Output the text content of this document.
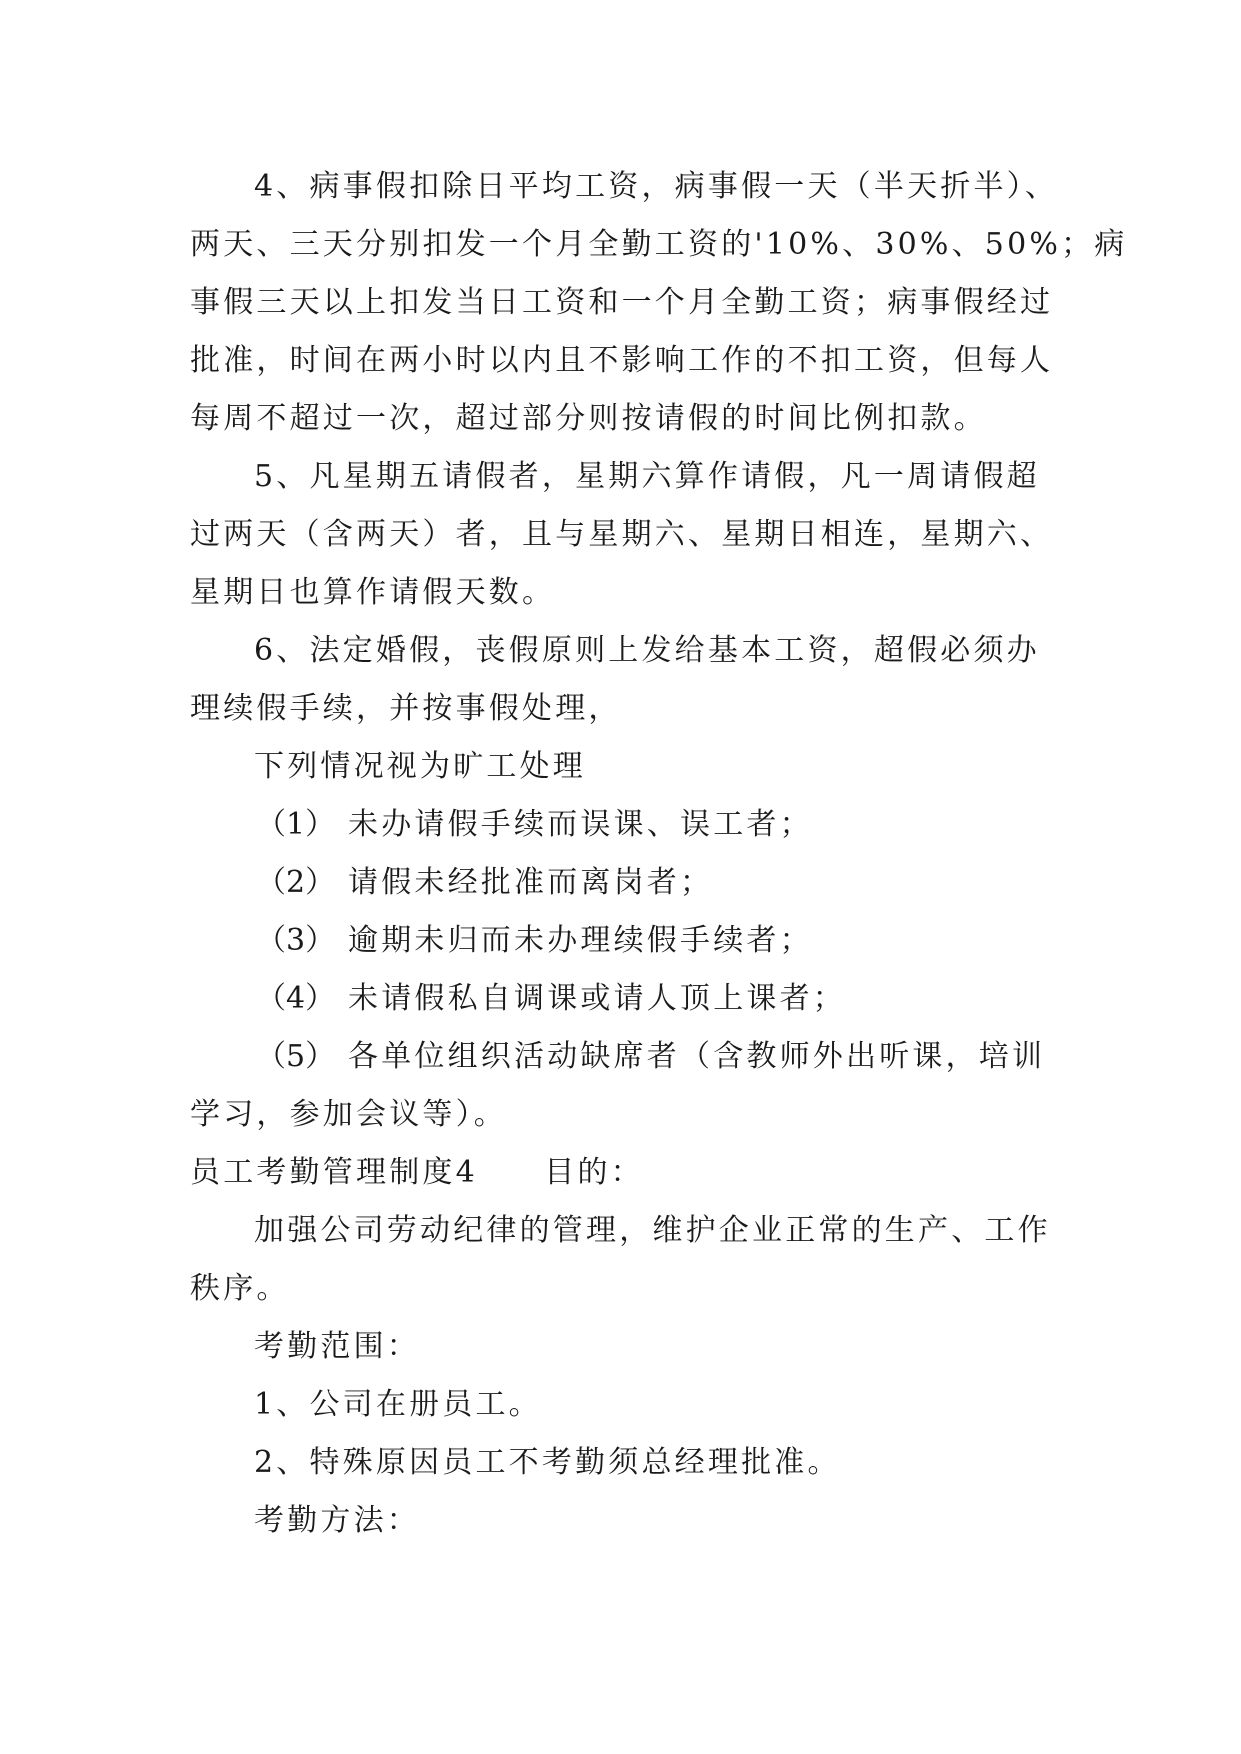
4、病事假扣除日平均工资，病事假一天（半天折半）、
两天、三天分别扣发一个月全勤工资的'10%、30%、50%；病
事假三天以上扣发当日工资和一个月全勤工资；病事假经过
批准，时间在两小时以内且不影响工作的不扣工资，但每人
每周不超过一次，超过部分则按请假的时间比例扣款。
5、凡星期五请假者，星期六算作请假，凡一周请假超
过两天（含两天）者，且与星期六、星期日相连，星期六、
星期日也算作请假天数。
6、法定婚假，丧假原则上发给基本工资，超假必须办
理续假手续，并按事假处理，
下列情况视为旷工处理
（1） 未办请假手续而误课、误工者；
（2） 请假未经批准而离岗者；
（3） 逾期未归而未办理续假手续者；
（4） 未请假私自调课或请人顶上课者；
（5） 各单位组织活动缺席者（含教师外出听课，培训
学习，参加会议等）。
员工考勤管理制度4　　目的：
加强公司劳动纪律的管理，维护企业正常的生产、工作
秩序。
考勤范围：
1、公司在册员工。
2、特殊原因员工不考勤须总经理批准。
考勤方法：
